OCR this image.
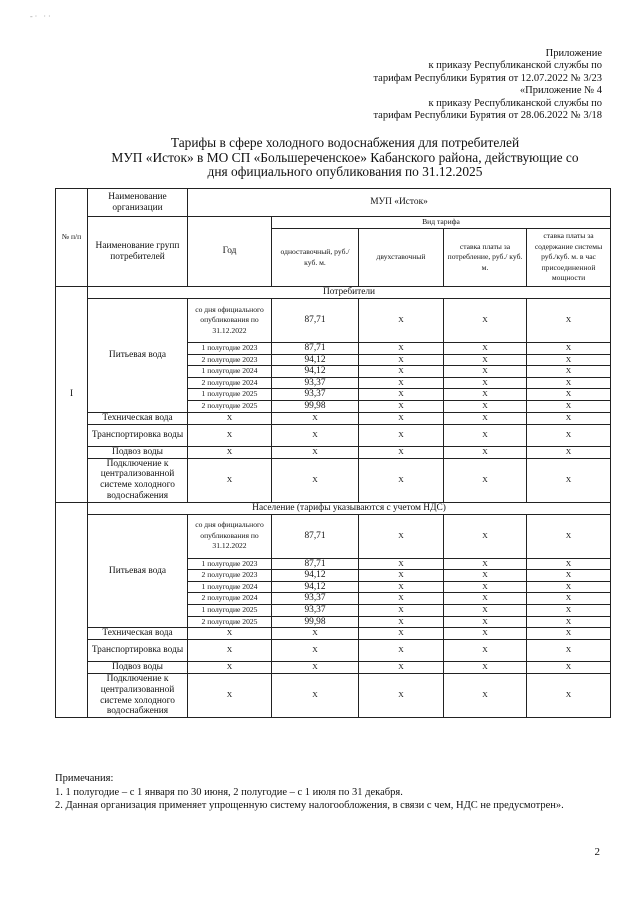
-· ··
Приложение
к приказу Республиканской службы по
тарифам Республики Бурятия от 12.07.2022 № 3/23
«Приложение № 4
к приказу Республиканской службы по
тарифам Республики Бурятия от 28.06.2022 № 3/18
Тарифы в сфере холодного водоснабжения для потребителей
МУП «Исток» в МО СП «Большереченское» Кабанского района, действующие со
дня официального опубликования по 31.12.2025
№ п/п	Наименование организации	МУП «Исток»				
	Наименование групп потребителей	Год	Вид тарифа			
			одноставочный, руб./ куб. м.	двухставочный	ставка платы за потребление, руб./ куб. м.	ставка платы за содержание системы руб./куб. м. в час присоединенной мощности
I	Потребители					
	Питьевая вода	со дня официального опубликования по 31.12.2022	87,71	X	X	X
		1 полугодие 2023	87,71	X	X	X
		2 полугодие 2023	94,12	X	X	X
		1 полугодие 2024	94,12	X	X	X
		2 полугодие 2024	93,37	X	X	X
		1 полугодие 2025	93,37	X	X	X
		2 полугодие 2025	99,98	X	X	X
	Техническая вода	X	X	X	X	X
	Транспортировка воды	X	X	X	X	X
	Подвоз воды	X	X	X	X	X
	Подключение к централизованной системе холодного водоснабжения	X	X	X	X	X
	Население (тарифы указываются с учетом НДС)					
	Питьевая вода	со дня официального опубликования по 31.12.2022	87,71	X	X	X
		1 полугодие 2023	87,71	X	X	X
		2 полугодие 2023	94,12	X	X	X
		1 полугодие 2024	94,12	X	X	X
		2 полугодие 2024	93,37	X	X	X
		1 полугодие 2025	93,37	X	X	X
		2 полугодие 2025	99,98	X	X	X
	Техническая вода	X	X	X	X	X
	Транспортировка воды	X	X	X	X	X
	Подвоз воды	X	X	X	X	X
	Подключение к централизованной системе холодного водоснабжения	X	X	X	X	X
Примечания:
1. 1 полугодие – с 1 января по 30 июня, 2 полугодие – с 1 июля по 31 декабря.
2. Данная организация применяет упрощенную систему налогообложения, в связи с чем, НДС не предусмотрен».
2
